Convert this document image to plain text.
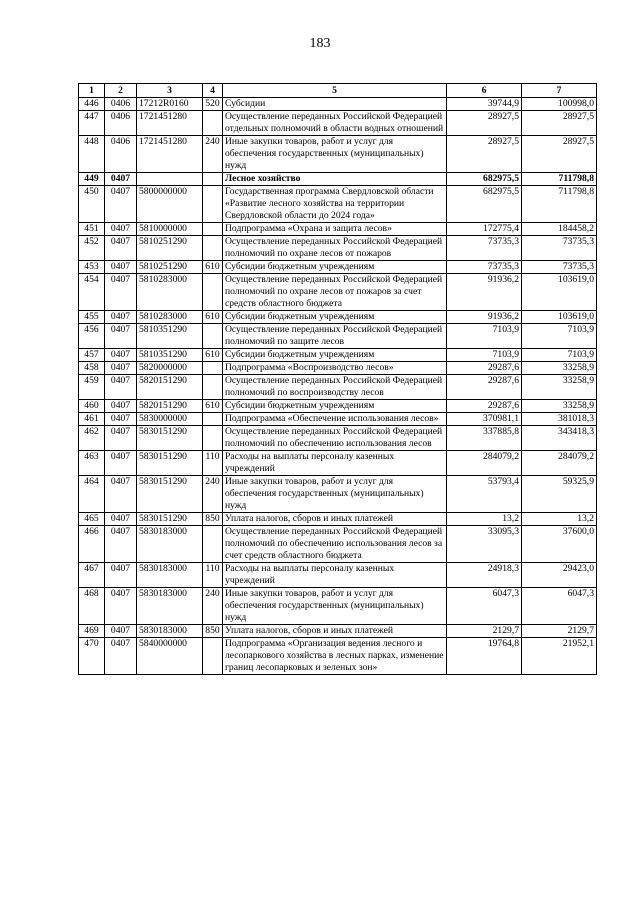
183
1	2	3	4	5	6	7
446	0406	17212R0160	520	Субсидии	39744,9	100998,0
447	0406	1721451280		Осуществление переданных Российской Федерацией отдельных полномочий в области водных отношений	28927,5	28927,5
448	0406	1721451280	240	Иные закупки товаров, работ и услуг для обеспечения государственных (муниципальных) нужд	28927,5	28927,5
449	0407			Лесное хозяйство	682975,5	711798,8
450	0407	5800000000		Государственная программа Свердловской области «Развитие лесного хозяйства на территории Свердловской области до 2024 года»	682975,5	711798,8
451	0407	5810000000		Подпрограмма «Охрана и защита лесов»	172775,4	184458,2
452	0407	5810251290		Осуществление переданных Российской Федерацией полномочий по охране лесов от пожаров	73735,3	73735,3
453	0407	5810251290	610	Субсидии бюджетным учреждениям	73735,3	73735,3
454	0407	5810283000		Осуществление переданных Российской Федерацией полномочий по охране лесов от пожаров за счет средств областного бюджета	91936,2	103619,0
455	0407	5810283000	610	Субсидии бюджетным учреждениям	91936,2	103619,0
456	0407	5810351290		Осуществление переданных Российской Федерацией полномочий по защите лесов	7103,9	7103,9
457	0407	5810351290	610	Субсидии бюджетным учреждениям	7103,9	7103,9
458	0407	5820000000		Подпрограмма «Воспроизводство лесов»	29287,6	33258,9
459	0407	5820151290		Осуществление переданных Российской Федерацией полномочий по воспроизводству лесов	29287,6	33258,9
460	0407	5820151290	610	Субсидии бюджетным учреждениям	29287,6	33258,9
461	0407	5830000000		Подпрограмма «Обеспечение использования лесов»	370981,1	381018,3
462	0407	5830151290		Осуществление переданных Российской Федерацией полномочий по обеспечению использования лесов	337885,8	343418,3
463	0407	5830151290	110	Расходы на выплаты персоналу казенных учреждений	284079,2	284079,2
464	0407	5830151290	240	Иные закупки товаров, работ и услуг для обеспечения государственных (муниципальных) нужд	53793,4	59325,9
465	0407	5830151290	850	Уплата налогов, сборов и иных платежей	13,2	13,2
466	0407	5830183000		Осуществление переданных Российской Федерацией полномочий по обеспечению использования лесов за счет средств областного бюджета	33095,3	37600,0
467	0407	5830183000	110	Расходы на выплаты персоналу казенных учреждений	24918,3	29423,0
468	0407	5830183000	240	Иные закупки товаров, работ и услуг для обеспечения государственных (муниципальных) нужд	6047,3	6047,3
469	0407	5830183000	850	Уплата налогов, сборов и иных платежей	2129,7	2129,7
470	0407	5840000000		Подпрограмма «Организация ведения лесного и лесопаркового хозяйства в лесных парках, изменение границ лесопарковых и зеленых зон»	19764,8	21952,1
